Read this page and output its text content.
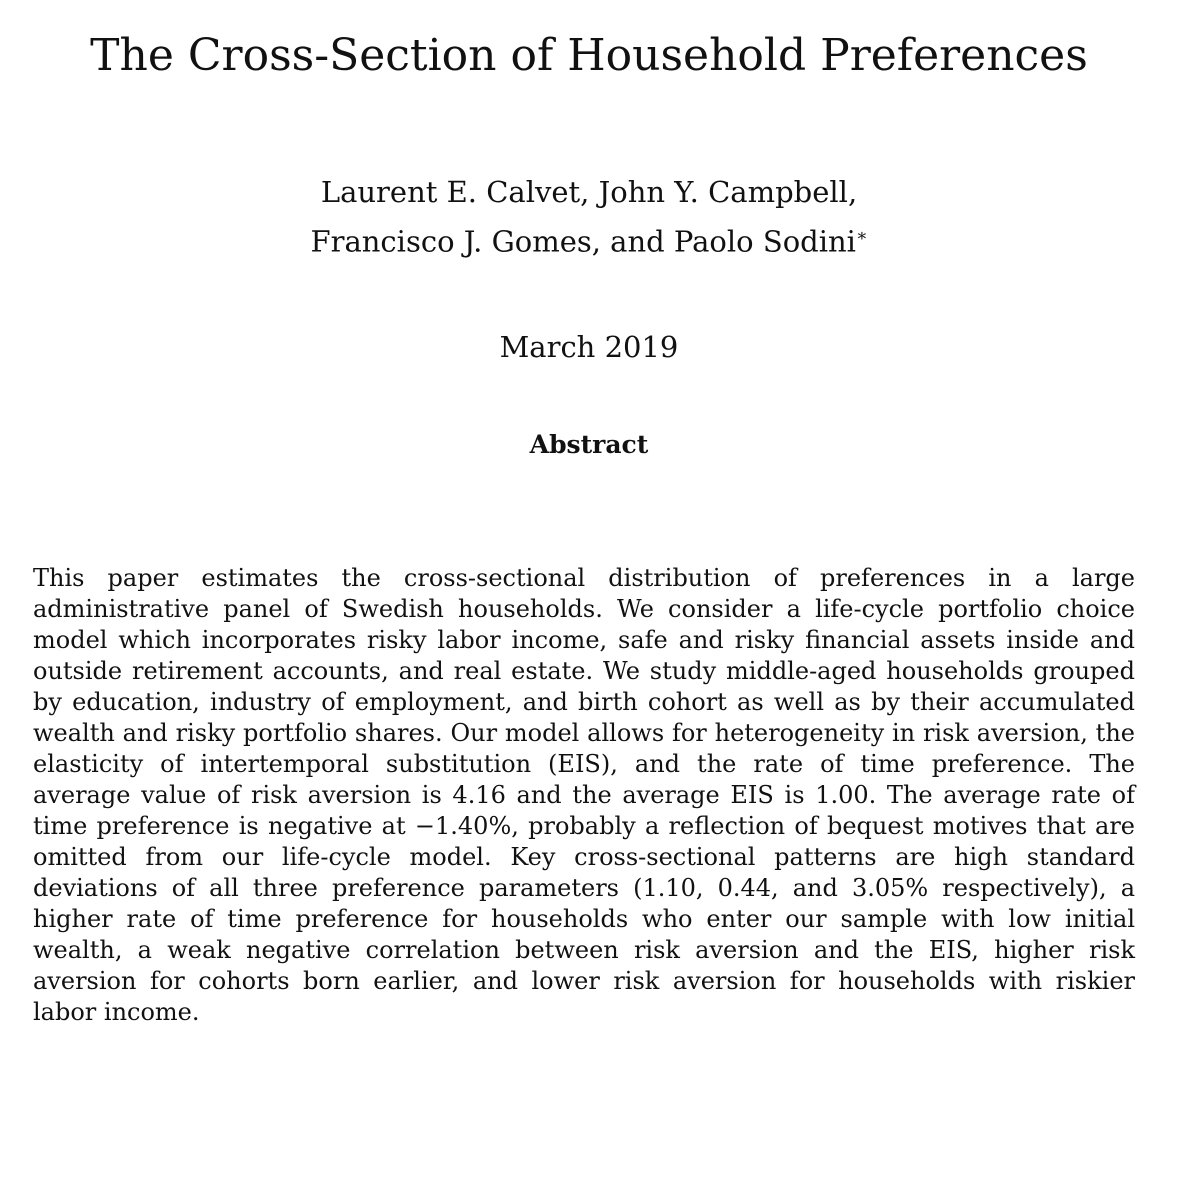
The Cross-Section of Household Preferences
Laurent E. Calvet, John Y. Campbell,
Francisco J. Gomes, and Paolo Sodini∗
March 2019
Abstract

This paper estimates the cross-sectional distribution of preferences in a large administrative panel of Swedish households. We consider a life-cycle portfolio choice model which incorporates risky labor income, safe and risky financial assets inside and outside retirement accounts, and real estate. We study middle-aged households grouped by education, industry of employment, and birth cohort as well as by their accumulated wealth and risky portfolio shares. Our model allows for heterogeneity in risk aversion, the elasticity of intertemporal substitution (EIS), and the rate of time preference. The average value of risk aversion is 4.16 and the average EIS is 1.00. The average rate of time preference is negative at −1.40%, probably a reflection of bequest motives that are omitted from our life-cycle model. Key cross-sectional patterns are high standard deviations of all three preference parameters (1.10, 0.44, and 3.05% respectively), a higher rate of time preference for households who enter our sample with low initial wealth, a weak negative correlation between risk aversion and the EIS, higher risk aversion for cohorts born earlier, and lower risk aversion for households with riskier labor income.
